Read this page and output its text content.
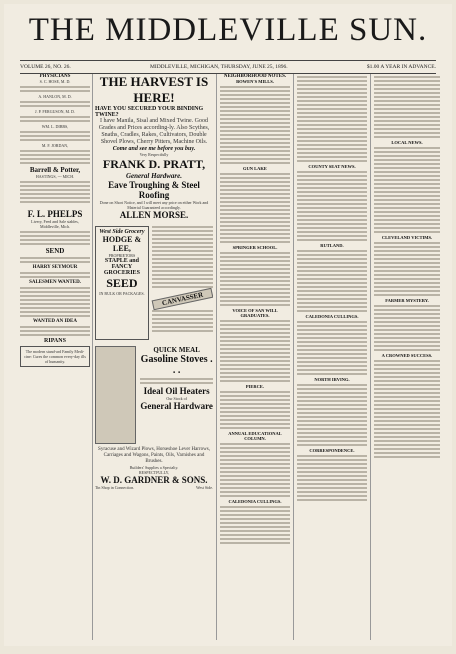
THE MIDDLEVILLE SUN.
VOLUME 26, NO. 26.	MIDDLEVILLE, MICHIGAN, THURSDAY, JUNE 25, 1896.	$1.00 A YEAR IN ADVANCE.
PHYSICIANS
S. C. HOSE, M. D.
A. HANLON, M. D.
J. P. FERGUSON, M. D.
WM. L. DIBBS,
M. F. JORDAN,
Barrell & Potter,
HASTINGS, --- MICH.
F. L. PHELPS
Livery, Feed and Sale stables,
Middleville, Mich.
SEND
HARRY SEYMOUR
SALESMEN WANTED.
WANTED AN IDEA
RIPANS
The modern stand-ard Family Medi-cine: Cures the common every-day ills of humanity.
THE HARVEST IS HERE!
HAVE YOU SECURED YOUR BINDING TWINE?
I have Manila, Sisal and Mixed Twine. Good Grades and Prices according-ly. Also Scythes, Snaths, Cradles, Rakes, Cultivators, Double Shovel Plows, Cherry Pitters, Machine Oils.
Come and see me before you buy.
Very Respectfully
FRANK D. PRATT,
General Hardware.
Eave Troughing & Steel Roofing
Done on Short Notice, and I will meet any price on either Work and Material Guaranteed accordingly.
ALLEN MORSE.
West Side Grocery
HODGE & LEE,
PROPRIETORS
STAPLE and FANCY GROCERIES
SEED
IN BULK OR PACKAGES.	CANVASSER
QUICK MEAL
Gasoline Stoves . . .
Ideal Oil Heaters
Our Stock of
General Hardware
Syracuse and Wizard Plows, Horseshoe Lever Harrows, Carriages and Wagons, Paints, Oils, Varnishes and Brushes.
Builders' Supplies a Specialty.
RESPECTFULLY,
W. D. GARDNER & SONS.
Tin Shop in Connection.	West Side.
NEIGHBORHOOD NOTES.
BOWEN'S MILLS.
GUN LAKE
SPRINGER SCHOOL.
VOICE OF SAN WILL GRADUATES.
PIERCE.
ANNUAL EDUCATIONAL COLUMN.
CALEDONIA CULLINGS.
COUNTY SEAT NEWS.
RUTLAND.
CALEDONIA CULLINGS.
NORTH IRVING.
CORRESPONDENCE.
LOCAL NEWS.
CLEVELAND VICTIMS.
FARMER MYSTERY.
A CROWNED SUCCESS.
